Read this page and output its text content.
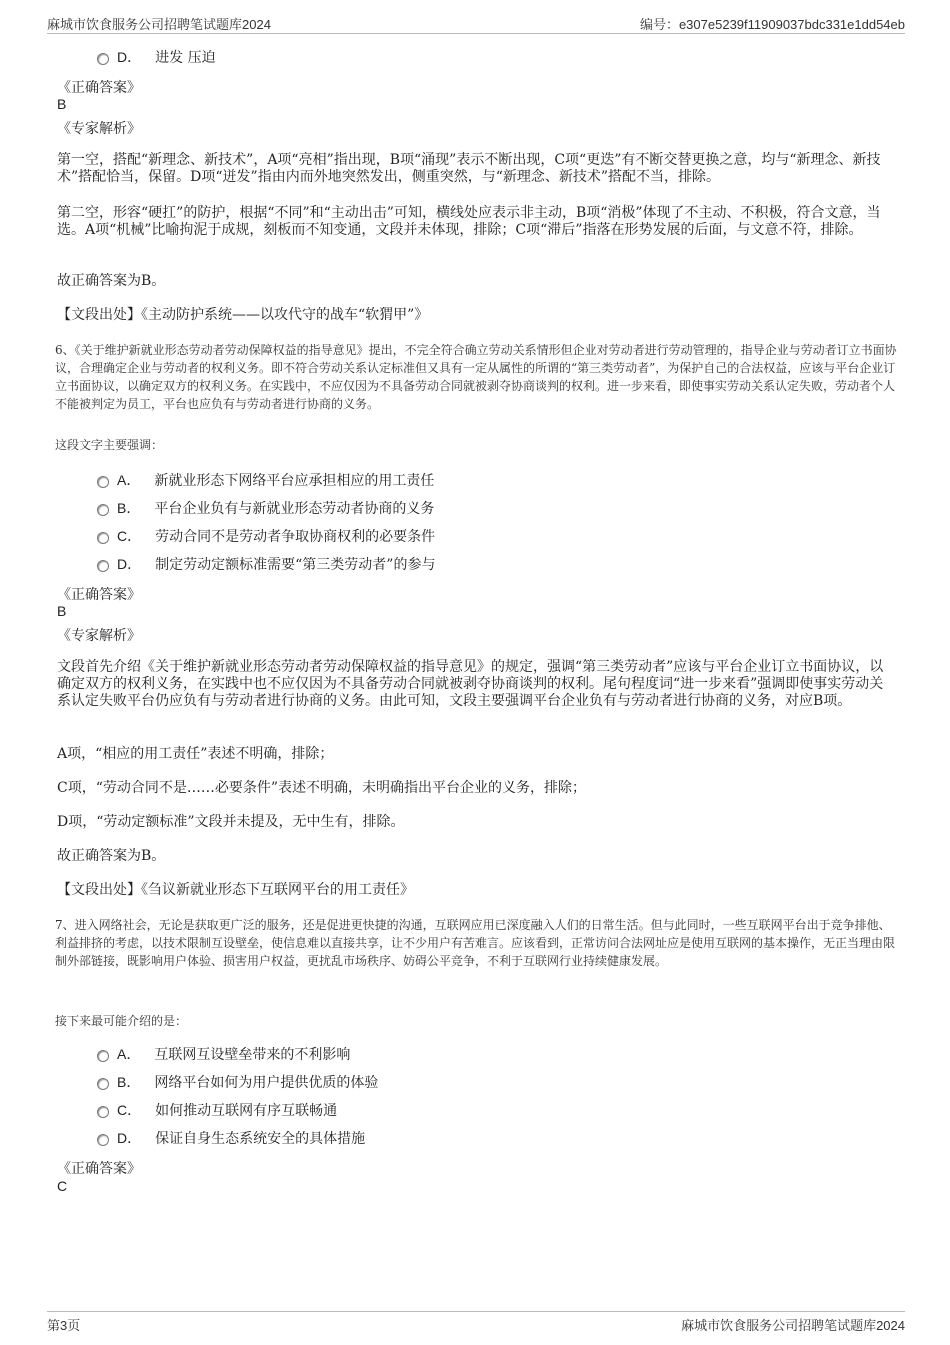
麻城市饮食服务公司招聘笔试题库2024	编号：e307e5239f11909037bdc331e1dd54eb
D． 进发 压迫
《正确答案》
B
《专家解析》
第一空，搭配“新理念、新技术”，A项“亮相”指出现，B项“涌现”表示不断出现，C项“更迭”有不断交替更换之意，均与“新理念、新技术”搭配恰当，保留。D项“迸发”指由内而外地突然发出，侧重突然，与“新理念、新技术”搭配不当，排除。
第二空，形容“硬扛”的防护，根据“不同”和“主动出击”可知，横线处应表示非主动，B项“消极”体现了不主动、不积极，符合文意，当选。A项“机械”比喻拘泥于成规，刻板而不知变通，文段并未体现，排除；C项“滞后”指落在形势发展的后面，与文意不符，排除。
故正确答案为B。
【文段出处】《主动防护系统——以攻代守的战车“软猬甲”》
6、《关于维护新就业形态劳动者劳动保障权益的指导意见》提出，不完全符合确立劳动关系情形但企业对劳动者进行劳动管理的，指导企业与劳动者订立书面协议，合理确定企业与劳动者的权利义务。即不符合劳动关系认定标准但又具有一定从属性的所谓的“第三类劳动者”，为保护自己的合法权益，应该与平台企业订立书面协议，以确定双方的权利义务。在实践中，不应仅因为不具备劳动合同就被剥夺协商谈判的权利。进一步来看，即使事实劳动关系认定失败，劳动者个人不能被判定为员工，平台也应负有与劳动者进行协商的义务。
这段文字主要强调：
A． 新就业形态下网络平台应承担相应的用工责任
B． 平台企业负有与新就业形态劳动者协商的义务
C． 劳动合同不是劳动者争取协商权利的必要条件
D． 制定劳动定额标准需要“第三类劳动者”的参与
《正确答案》
B
《专家解析》
文段首先介绍《关于维护新就业形态劳动者劳动保障权益的指导意见》的规定，强调“第三类劳动者”应该与平台企业订立书面协议，以确定双方的权利义务，在实践中也不应仅因为不具备劳动合同就被剥夺协商谈判的权利。尾句程度词“进一步来看”强调即使事实劳动关系认定失败平台仍应负有与劳动者进行协商的义务。由此可知，文段主要强调平台企业负有与劳动者进行协商的义务，对应B项。
A项，“相应的用工责任”表述不明确，排除；
C项，“劳动合同不是……必要条件”表述不明确，未明确指出平台企业的义务，排除；
D项，“劳动定额标准”文段并未提及，无中生有，排除。
故正确答案为B。
【文段出处】《刍议新就业形态下互联网平台的用工责任》
7、进入网络社会，无论是获取更广泛的服务，还是促进更快捷的沟通，互联网应用已深度融入人们的日常生活。但与此同时，一些互联网平台出于竞争排他、利益排挤的考虑，以技术限制互设壁垒，使信息难以直接共享，让不少用户有苦难言。应该看到，正常访问合法网址应是使用互联网的基本操作，无正当理由限制外部链接，既影响用户体验、损害用户权益，更扰乱市场秩序、妨碍公平竞争，不利于互联网行业持续健康发展。
接下来最可能介绍的是：
A． 互联网互设壁垒带来的不利影响
B． 网络平台如何为用户提供优质的体验
C． 如何推动互联网有序互联畅通
D． 保证自身生态系统安全的具体措施
《正确答案》
C
第3页	麻城市饮食服务公司招聘笔试题库2024
